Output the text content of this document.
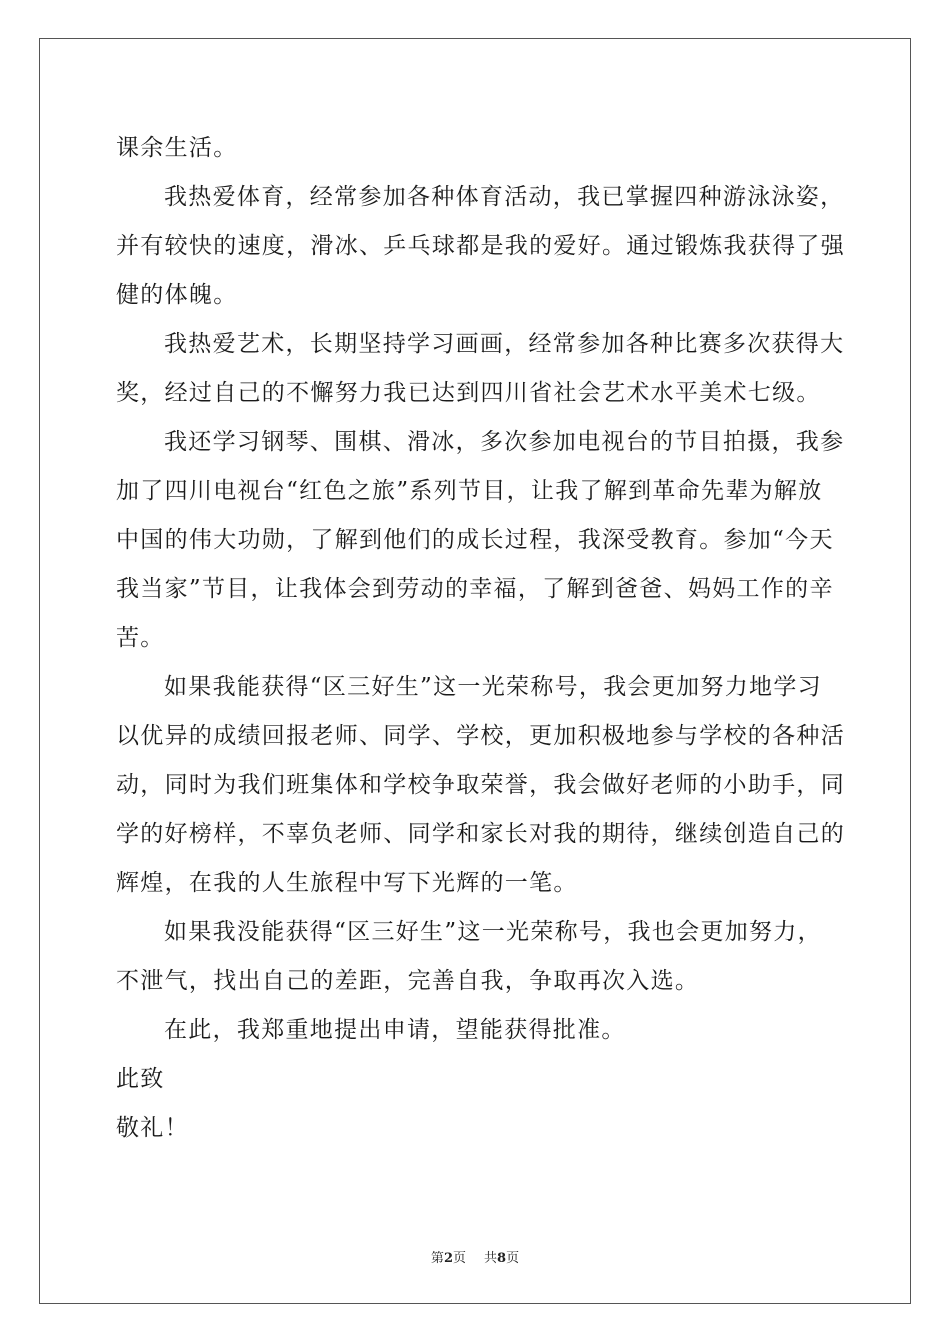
课余生活。
我热爱体育，经常参加各种体育活动，我已掌握四种游泳泳姿，
并有较快的速度，滑冰、乒乓球都是我的爱好。通过锻炼我获得了强
健的体魄。
我热爱艺术，长期坚持学习画画，经常参加各种比赛多次获得大
奖，经过自己的不懈努力我已达到四川省社会艺术水平美术七级。
我还学习钢琴、围棋、滑冰，多次参加电视台的节目拍摄，我参
加了四川电视台“红色之旅”系列节目，让我了解到革命先辈为解放
中国的伟大功勋，了解到他们的成长过程，我深受教育。参加“今天
我当家”节目，让我体会到劳动的幸福，了解到爸爸、妈妈工作的辛
苦。
如果我能获得“区三好生”这一光荣称号，我会更加努力地学习
以优异的成绩回报老师、同学、学校，更加积极地参与学校的各种活
动，同时为我们班集体和学校争取荣誉，我会做好老师的小助手，同
学的好榜样，不辜负老师、同学和家长对我的期待，继续创造自己的
辉煌，在我的人生旅程中写下光辉的一笔。
如果我没能获得“区三好生”这一光荣称号，我也会更加努力，
不泄气，找出自己的差距，完善自我，争取再次入选。
在此，我郑重地提出申请，望能获得批准。
此致
敬礼！
第2页 共8页
